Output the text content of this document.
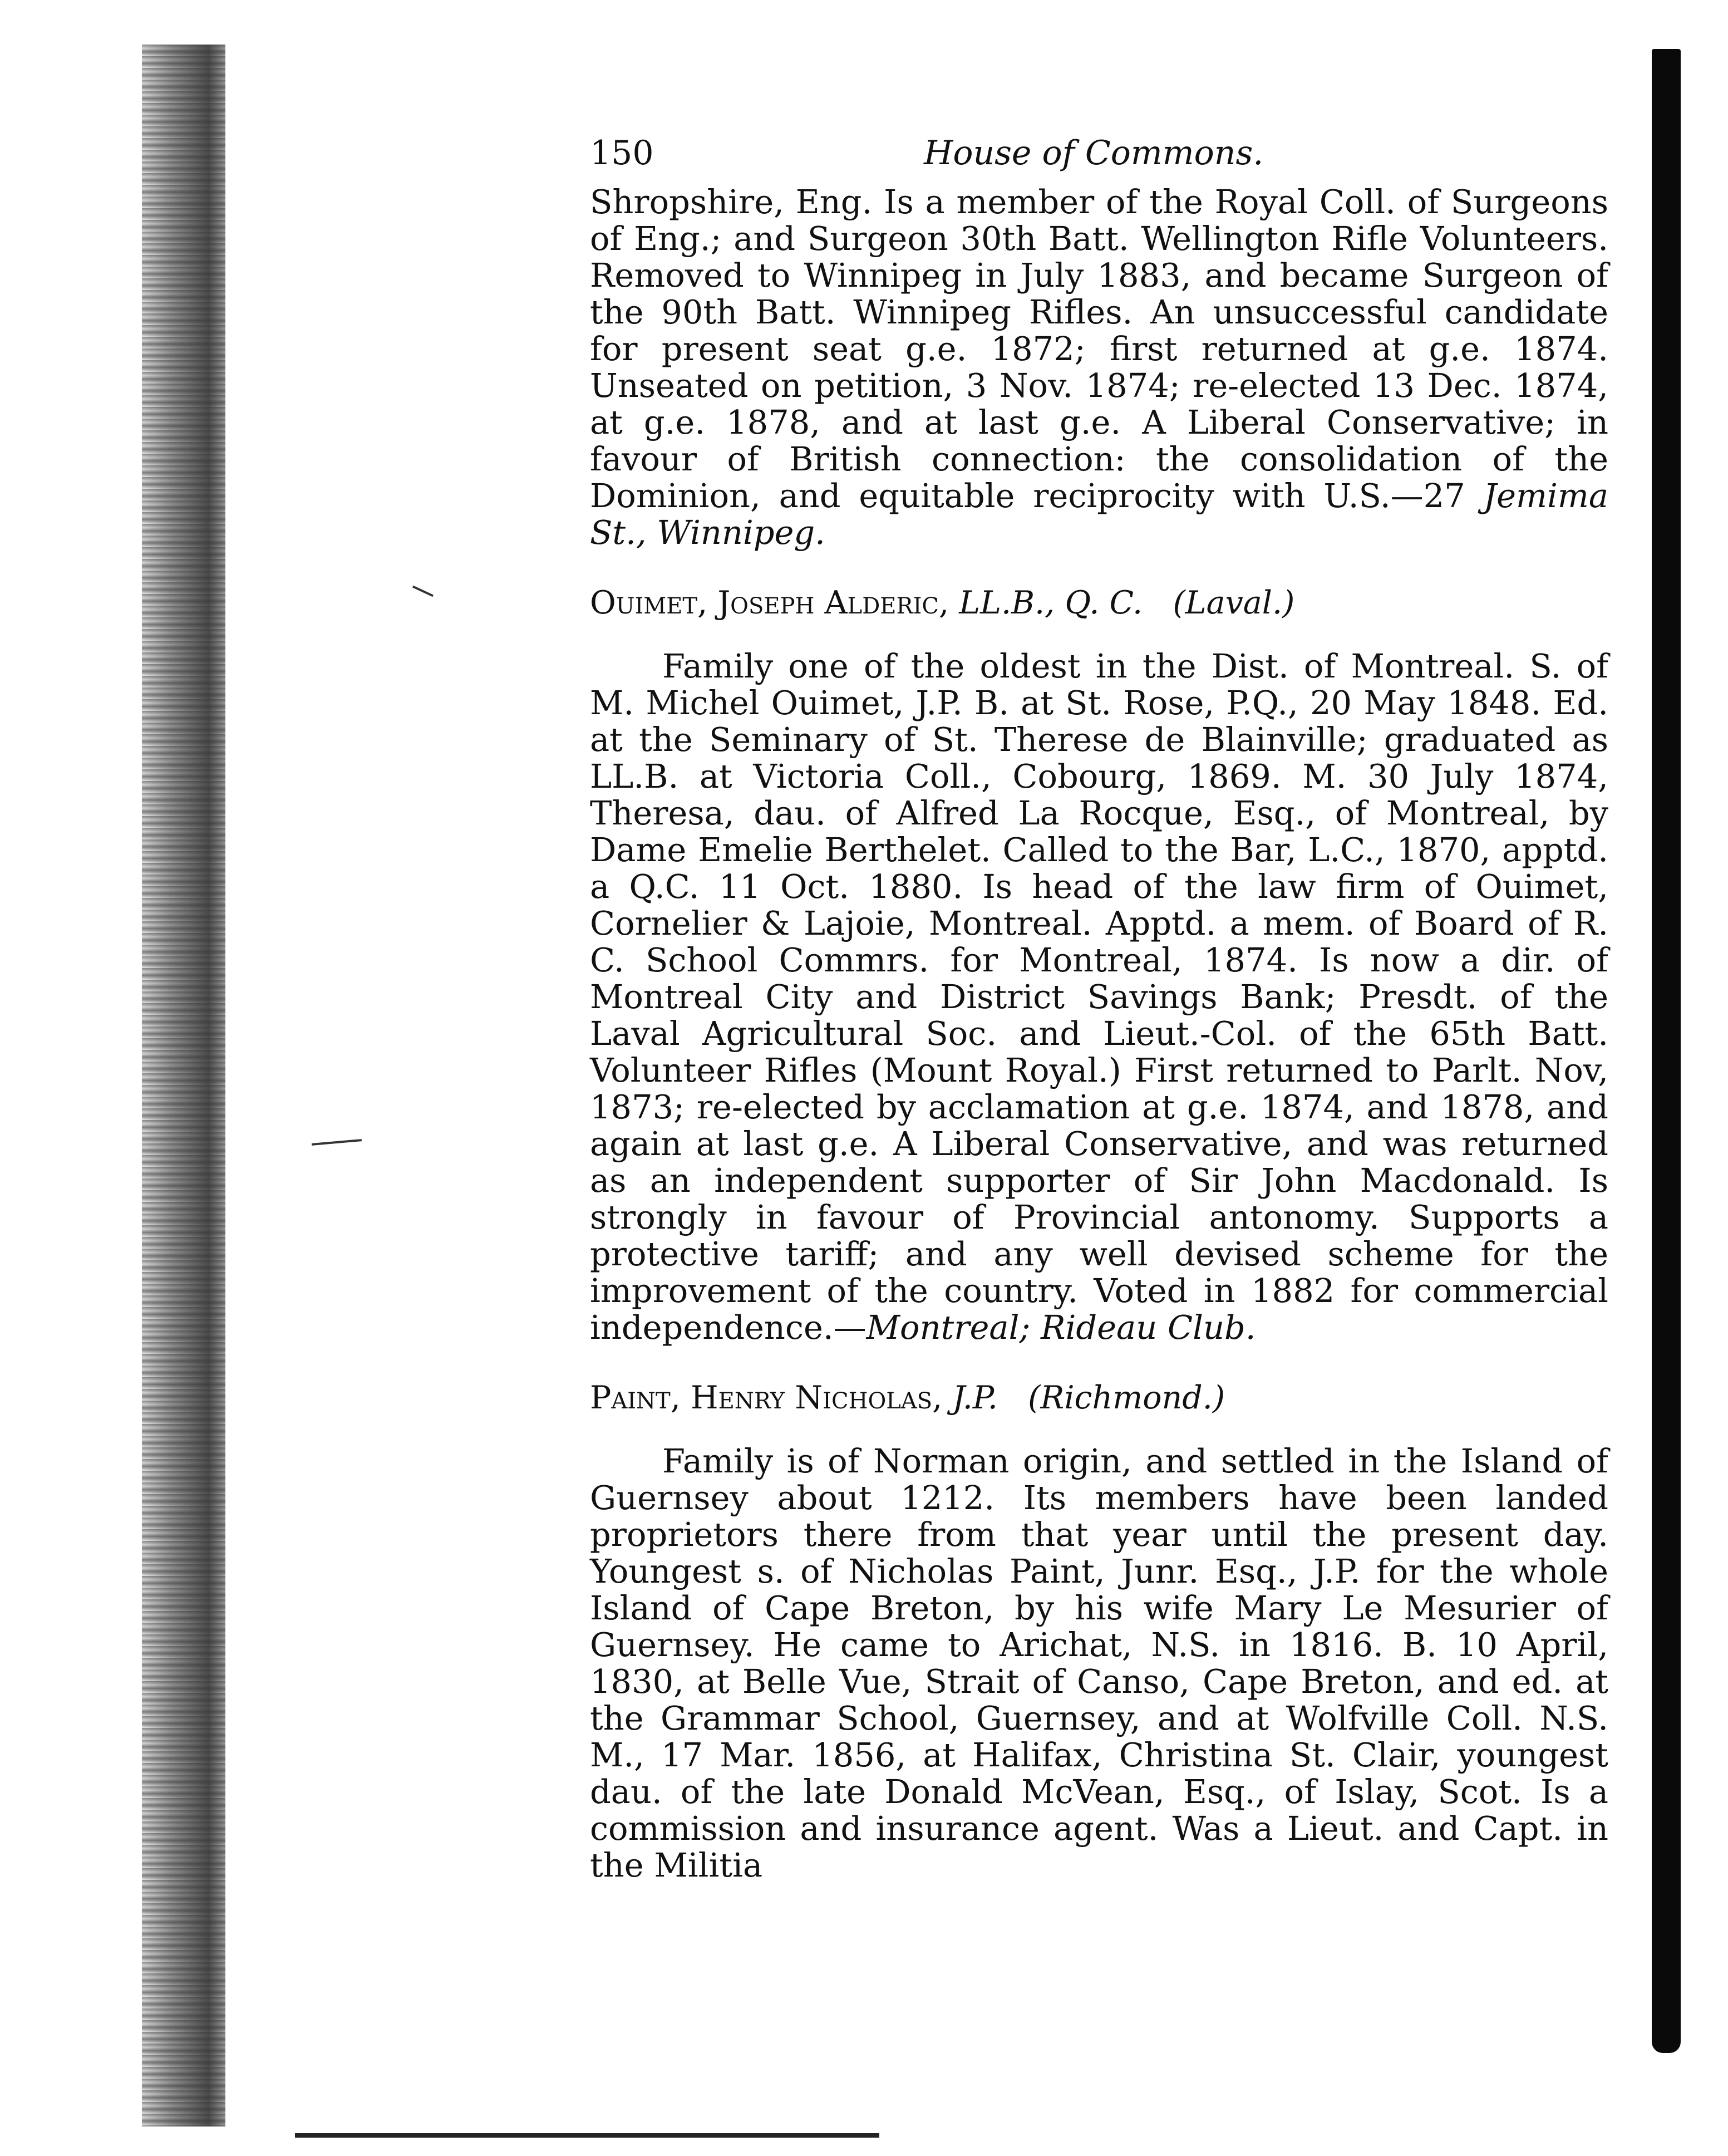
150	House of Commons.

Shropshire, Eng. Is a member of the Royal Coll. of Surgeons of Eng.; and Surgeon 30th Batt. Wellington Rifle Volunteers. Removed to Winnipeg in July 1883, and became Surgeon of the 90th Batt. Winnipeg Rifles. An unsuccessful candidate for present seat g.e. 1872; first returned at g.e. 1874. Unseated on petition, 3 Nov. 1874; re-elected 13 Dec. 1874, at g.e. 1878, and at last g.e. A Liberal Conservative; in favour of British connection: the consolidation of the Dominion, and equitable reciprocity with U.S.—27 Jemima St., Winnipeg.

Ouimet, Joseph Alderic, LL.B., Q. C. (Laval.)

Family one of the oldest in the Dist. of Montreal. S. of M. Michel Ouimet, J.P. B. at St. Rose, P.Q., 20 May 1848. Ed. at the Seminary of St. Therese de Blainville; graduated as LL.B. at Victoria Coll., Cobourg, 1869. M. 30 July 1874, Theresa, dau. of Alfred La Rocque, Esq., of Montreal, by Dame Emelie Berthelet. Called to the Bar, L.C., 1870, apptd. a Q.C. 11 Oct. 1880. Is head of the law firm of Ouimet, Cornelier & Lajoie, Montreal. Apptd. a mem. of Board of R. C. School Commrs. for Montreal, 1874. Is now a dir. of Montreal City and District Savings Bank; Presdt. of the Laval Agricultural Soc. and Lieut.-Col. of the 65th Batt. Volunteer Rifles (Mount Royal.) First returned to Parlt. Nov, 1873; re-elected by acclamation at g.e. 1874, and 1878, and again at last g.e. A Liberal Conservative, and was returned as an independent supporter of Sir John Macdonald. Is strongly in favour of Provincial antonomy. Supports a protective tariff; and any well devised scheme for the improvement of the country. Voted in 1882 for commercial independence.—Montreal; Rideau Club.

Paint, Henry Nicholas, J.P. (Richmond.)

Family is of Norman origin, and settled in the Island of Guernsey about 1212. Its members have been landed proprietors there from that year until the present day. Youngest s. of Nicholas Paint, Junr. Esq., J.P. for the whole Island of Cape Breton, by his wife Mary Le Mesurier of Guernsey. He came to Arichat, N.S. in 1816. B. 10 April, 1830, at Belle Vue, Strait of Canso, Cape Breton, and ed. at the Grammar School, Guernsey, and at Wolfville Coll. N.S. M., 17 Mar. 1856, at Halifax, Christina St. Clair, youngest dau. of the late Donald McVean, Esq., of Islay, Scot. Is a commission and insurance agent. Was a Lieut. and Capt. in the Militia
